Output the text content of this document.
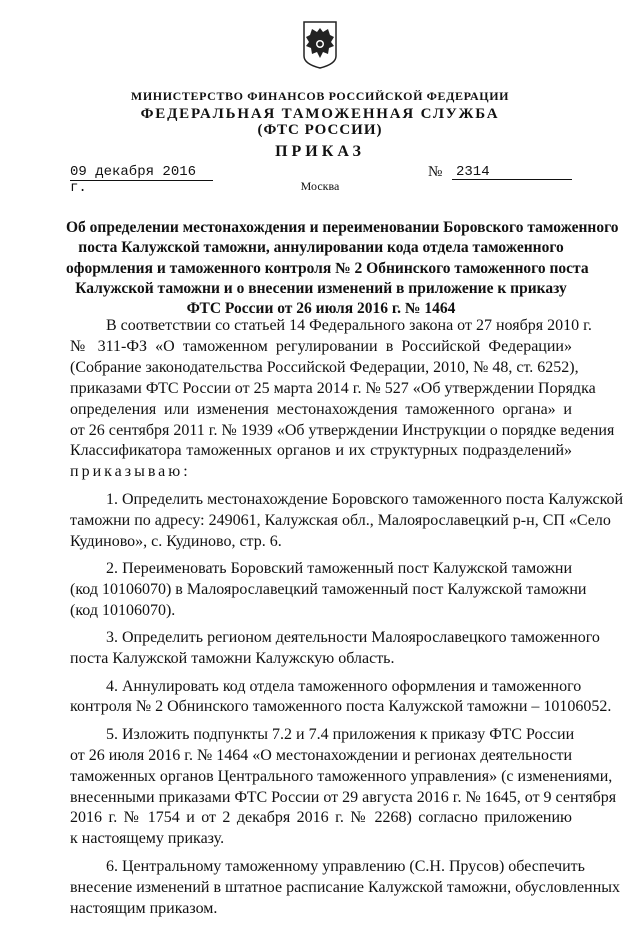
МИНИСТЕРСТВО ФИНАНСОВ РОССИЙСКОЙ ФЕДЕРАЦИИ
ФЕДЕРАЛЬНАЯ ТАМОЖЕННАЯ СЛУЖБА
(ФТС РОССИИ)
ПРИКАЗ
09 декабря 2016 г.
№ 2314
Москва
Об определении местонахождения и переименовании Боровского таможенного
поста Калужской таможни, аннулировании кода отдела таможенного
оформления и таможенного контроля № 2 Обнинского таможенного поста
Калужской таможни и о внесении изменений в приложение к приказу
ФТС России от 26 июля 2016 г. № 1464
В соответствии со статьей 14 Федерального закона от 27 ноября 2010 г.
№ 311-ФЗ «О таможенном регулировании в Российской Федерации»
(Собрание законодательства Российской Федерации, 2010, № 48, ст. 6252),
приказами ФТС России от 25 марта 2014 г. № 527 «Об утверждении Порядка
определения или изменения местонахождения таможенного органа» и
от 26 сентября 2011 г. № 1939 «Об утверждении Инструкции о порядке ведения
Классификатора таможенных органов и их структурных подразделений»
приказываю:
1. Определить местонахождение Боровского таможенного поста Калужской
таможни по адресу: 249061, Калужская обл., Малоярославецкий р-н, СП «Село
Кудиново», с. Кудиново, стр. 6.
2. Переименовать Боровский таможенный пост Калужской таможни
(код 10106070) в Малоярославецкий таможенный пост Калужской таможни
(код 10106070).
3. Определить регионом деятельности Малоярославецкого таможенного
поста Калужской таможни Калужскую область.
4. Аннулировать код отдела таможенного оформления и таможенного
контроля № 2 Обнинского таможенного поста Калужской таможни – 10106052.
5. Изложить подпункты 7.2 и 7.4 приложения к приказу ФТС России
от 26 июля 2016 г. № 1464 «О местонахождении и регионах деятельности
таможенных органов Центрального таможенного управления» (с изменениями,
внесенными приказами ФТС России от 29 августа 2016 г. № 1645, от 9 сентября
2016 г. № 1754 и от 2 декабря 2016 г. № 2268) согласно приложению
к настоящему приказу.
6. Центральному таможенному управлению (С.Н. Прусов) обеспечить
внесение изменений в штатное расписание Калужской таможни, обусловленных
настоящим приказом.
